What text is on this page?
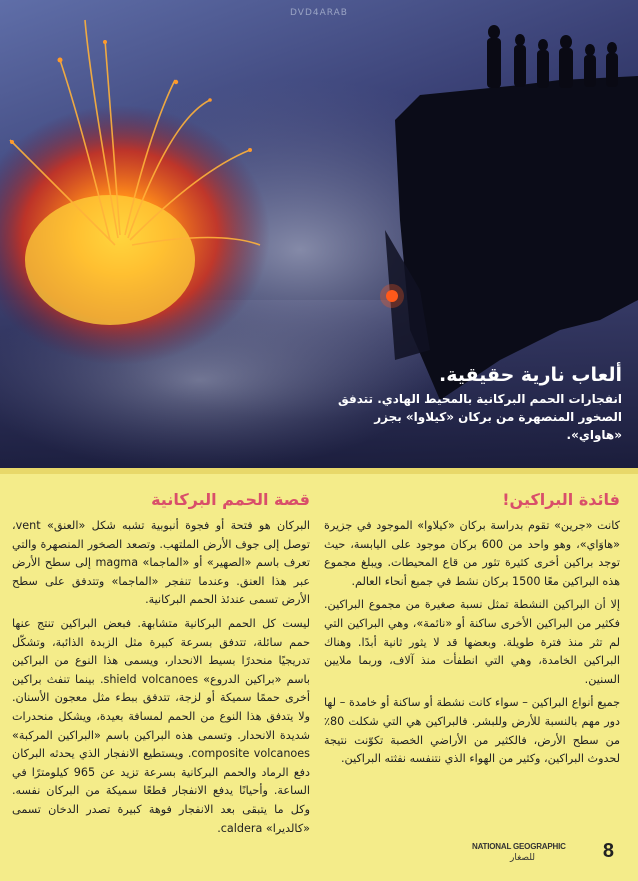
DVD4ARAB
ألعاب نارية حقيقية.
انفجارات الحمم البركانية بالمحيط الهادي. تتدفق الصخور المنصهرة من بركان «كيلاوا» بجزر «هاواي».
فائدة البراكين!

كانت «جرين» تقوم بدراسة بركان «كيلاوا» الموجود في جزيرة «هاوَاي»، وهو واحد من 600 بركان موجود على اليابسة، حيث توجد براكين أخرى كثيرة تثور من قاع المحيطات. ويبلغ مجموع هذه البراكين معًا 1500 بركان نشط في جميع أنحاء العالم.

إلا أن البراكين النشطة تمثل نسبة صغيرة من مجموع البراكين. فكثير من البراكين الأخرى ساكنة أو «نائمة»، وهي البراكين التي لم تثر منذ فترة طويلة. وبعضها قد لا يثور ثانية أبدًا. وهناك البراكين الخامدة، وهي التي انطفأت منذ آلاف، وربما ملايين السنين.

جميع أنواع البراكين – سواء كانت نشطة أو ساكنة أو خامدة – لها دور مهم بالنسبة للأرض وللبشر. فالبراكين هي التي شكلت 80٪ من سطح الأرض، فالكثير من الأراضي الخصبة تكوّنت نتيجة لحدوث البراكين، وكثير من الهواء الذي نتنفسه نفثته البراكين.

قصة الحمم البركانية

البركان هو فتحة أو فجوة أنبوبية تشبه شكل «العنق» vent، توصل إلى جوف الأرض الملتهب. وتصعد الصخور المنصهرة والتي تعرف باسم «الصهير» أو «الماجما» magma إلى سطح الأرض عبر هذا العنق. وعندما تنفجر «الماجما» وتتدفق على سطح الأرض تسمى عندئذ الحمم البركانية.

ليست كل الحمم البركانية متشابهة. فبعض البراكين تنتج عنها حمم سائلة، تتدفق بسرعة كبيرة مثل الزبدة الذائبة، وتشكّل تدريجيًا منحدرًا بسيط الانحدار، ويسمى هذا النوع من البراكين باسم «براكين الدروع» shield volcanoes. بينما تنفث براكين أخرى حممًا سميكة أو لزجة، تتدفق ببطء مثل معجون الأسنان. ولا يتدفق هذا النوع من الحمم لمسافة بعيدة، ويشكل منحدرات شديدة الانحدار. وتسمى هذه البراكين باسم «البراكين المركبة» composite volcanoes. ويستطيع الانفجار الذي يحدثه البركان دفع الرماد والحمم البركانية بسرعة تزيد عن 965 كيلومترًا في الساعة. وأحيانًا يدفع الانفجار قطعًا سميكة من البركان نفسه. وكل ما يتبقى بعد الانفجار فوهة كبيرة تصدر الدخان تسمى «كالديرا» caldera.

NATIONAL GEOGRAPHIC
للصغار	8
